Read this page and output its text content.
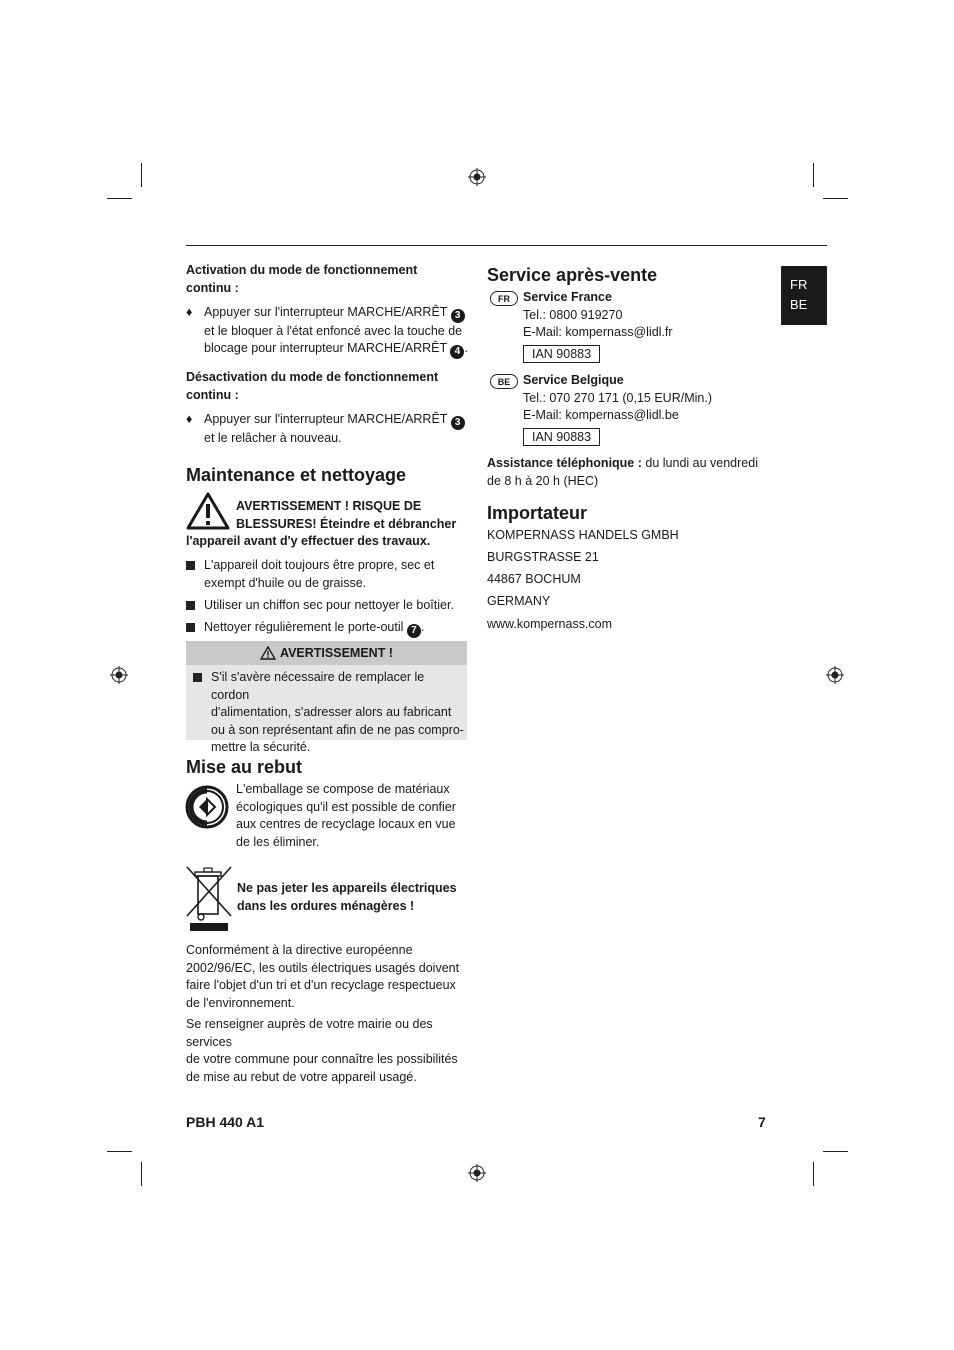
FR
BE
Activation du mode de fonctionnement continu :
♦ Appuyer sur l'interrupteur MARCHE/ARRÊT 3
et le bloquer à l'état enfoncé avec la touche de
blocage pour interrupteur MARCHE/ARRÊT 4 .
Désactivation du mode de fonctionnement continu :
♦ Appuyer sur l'interrupteur MARCHE/ARRÊT 3
et le relâcher à nouveau.
Maintenance et nettoyage
AVERTISSEMENT ! RISQUE DE
BLESSURES! Éteindre et débrancher
l'appareil avant d'y effectuer des travaux.
L'appareil doit toujours être propre, sec et
exempt d'huile ou de graisse.
Utiliser un chiffon sec pour nettoyer le boîtier.
Nettoyer régulièrement le porte-outil 7 .
AVERTISSEMENT !
S'il s'avère nécessaire de remplacer le cordon
d'alimentation, s'adresser alors au fabricant
ou à son représentant afin de ne pas compro-
mettre la sécurité.
Mise au rebut
L'emballage se compose de matériaux
écologiques qu'il est possible de confier
aux centres de recyclage locaux en vue
de les éliminer.
Ne pas jeter les appareils électriques
dans les ordures ménagères !
Conformément à la directive européenne
2002/96/EC, les outils électriques usagés doivent
faire l'objet d'un tri et d'un recyclage respectueux
de l'environnement.
Se renseigner auprès de votre mairie ou des services
de votre commune pour connaître les possibilités
de mise au rebut de votre appareil usagé.
Service après-vente
FR	Service France
Tel.: 0800 919270
E-Mail: kompernass@lidl.fr
IAN 90883
BE	Service Belgique
Tel.: 070 270 171 (0,15 EUR/Min.)
E-Mail: kompernass@lidl.be
IAN 90883
Assistance téléphonique : du lundi au vendredi
de 8 h à 20 h (HEC)
Importateur
KOMPERNASS HANDELS GMBH
BURGSTRASSE 21
44867 BOCHUM
GERMANY
www.kompernass.com
PBH 440 A1	7
